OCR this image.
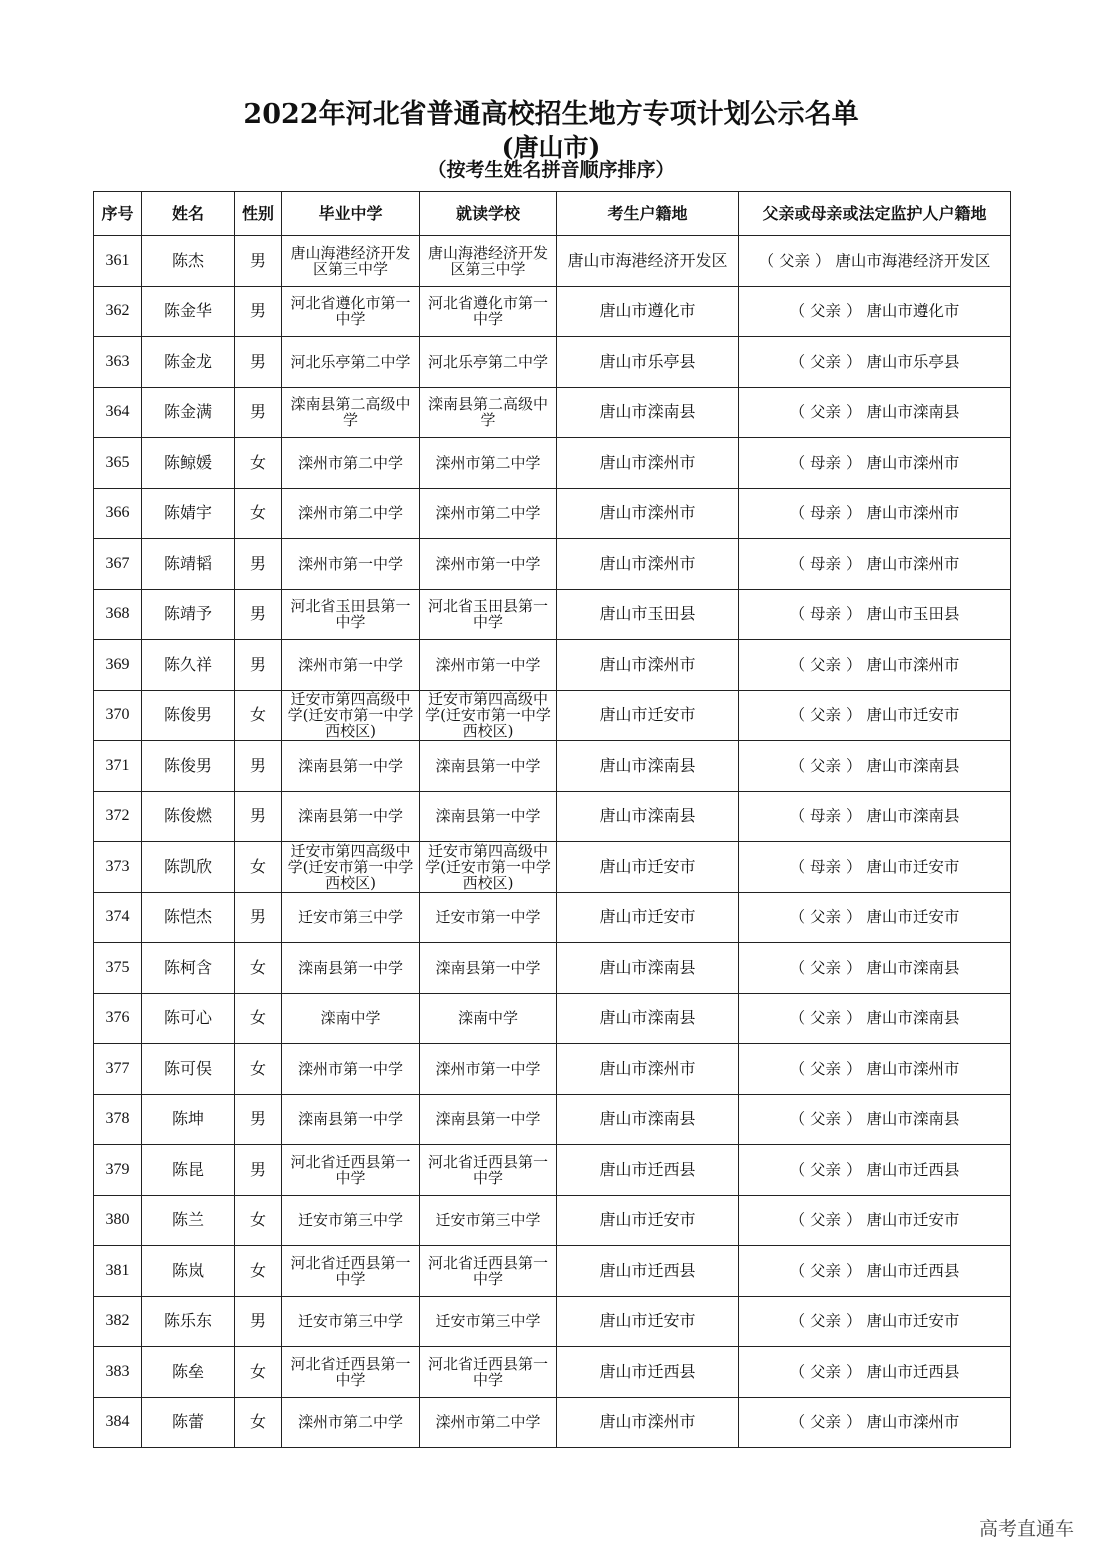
2022年河北省普通高校招生地方专项计划公示名单
(唐山市)
（按考生姓名拼音顺序排序）
序号	姓名	性别	毕业中学	就读学校	考生户籍地	父亲或母亲或法定监护人户籍地
361	陈杰	男	唐山海港经济开发区第三中学	唐山海港经济开发区第三中学	唐山市海港经济开发区	（ 父亲 ） 唐山市海港经济开发区
362	陈金华	男	河北省遵化市第一中学	河北省遵化市第一中学	唐山市遵化市	（ 父亲 ） 唐山市遵化市
363	陈金龙	男	河北乐亭第二中学	河北乐亭第二中学	唐山市乐亭县	（ 父亲 ） 唐山市乐亭县
364	陈金满	男	滦南县第二高级中学	滦南县第二高级中学	唐山市滦南县	（ 父亲 ） 唐山市滦南县
365	陈鲸媛	女	滦州市第二中学	滦州市第二中学	唐山市滦州市	（ 母亲 ） 唐山市滦州市
366	陈婧宇	女	滦州市第二中学	滦州市第二中学	唐山市滦州市	（ 母亲 ） 唐山市滦州市
367	陈靖韬	男	滦州市第一中学	滦州市第一中学	唐山市滦州市	（ 母亲 ） 唐山市滦州市
368	陈靖予	男	河北省玉田县第一中学	河北省玉田县第一中学	唐山市玉田县	（ 母亲 ） 唐山市玉田县
369	陈久祥	男	滦州市第一中学	滦州市第一中学	唐山市滦州市	（ 父亲 ） 唐山市滦州市
370	陈俊男	女	迁安市第四高级中学(迁安市第一中学西校区)	迁安市第四高级中学(迁安市第一中学西校区)	唐山市迁安市	（ 父亲 ） 唐山市迁安市
371	陈俊男	男	滦南县第一中学	滦南县第一中学	唐山市滦南县	（ 父亲 ） 唐山市滦南县
372	陈俊燃	男	滦南县第一中学	滦南县第一中学	唐山市滦南县	（ 母亲 ） 唐山市滦南县
373	陈凯欣	女	迁安市第四高级中学(迁安市第一中学西校区)	迁安市第四高级中学(迁安市第一中学西校区)	唐山市迁安市	（ 母亲 ） 唐山市迁安市
374	陈恺杰	男	迁安市第三中学	迁安市第一中学	唐山市迁安市	（ 父亲 ） 唐山市迁安市
375	陈柯含	女	滦南县第一中学	滦南县第一中学	唐山市滦南县	（ 父亲 ） 唐山市滦南县
376	陈可心	女	滦南中学	滦南中学	唐山市滦南县	（ 父亲 ） 唐山市滦南县
377	陈可俣	女	滦州市第一中学	滦州市第一中学	唐山市滦州市	（ 父亲 ） 唐山市滦州市
378	陈坤	男	滦南县第一中学	滦南县第一中学	唐山市滦南县	（ 父亲 ） 唐山市滦南县
379	陈昆	男	河北省迁西县第一中学	河北省迁西县第一中学	唐山市迁西县	（ 父亲 ） 唐山市迁西县
380	陈兰	女	迁安市第三中学	迁安市第三中学	唐山市迁安市	（ 父亲 ） 唐山市迁安市
381	陈岚	女	河北省迁西县第一中学	河北省迁西县第一中学	唐山市迁西县	（ 父亲 ） 唐山市迁西县
382	陈乐东	男	迁安市第三中学	迁安市第三中学	唐山市迁安市	（ 父亲 ） 唐山市迁安市
383	陈垒	女	河北省迁西县第一中学	河北省迁西县第一中学	唐山市迁西县	（ 父亲 ） 唐山市迁西县
384	陈蕾	女	滦州市第二中学	滦州市第二中学	唐山市滦州市	（ 父亲 ） 唐山市滦州市
高考直通车
